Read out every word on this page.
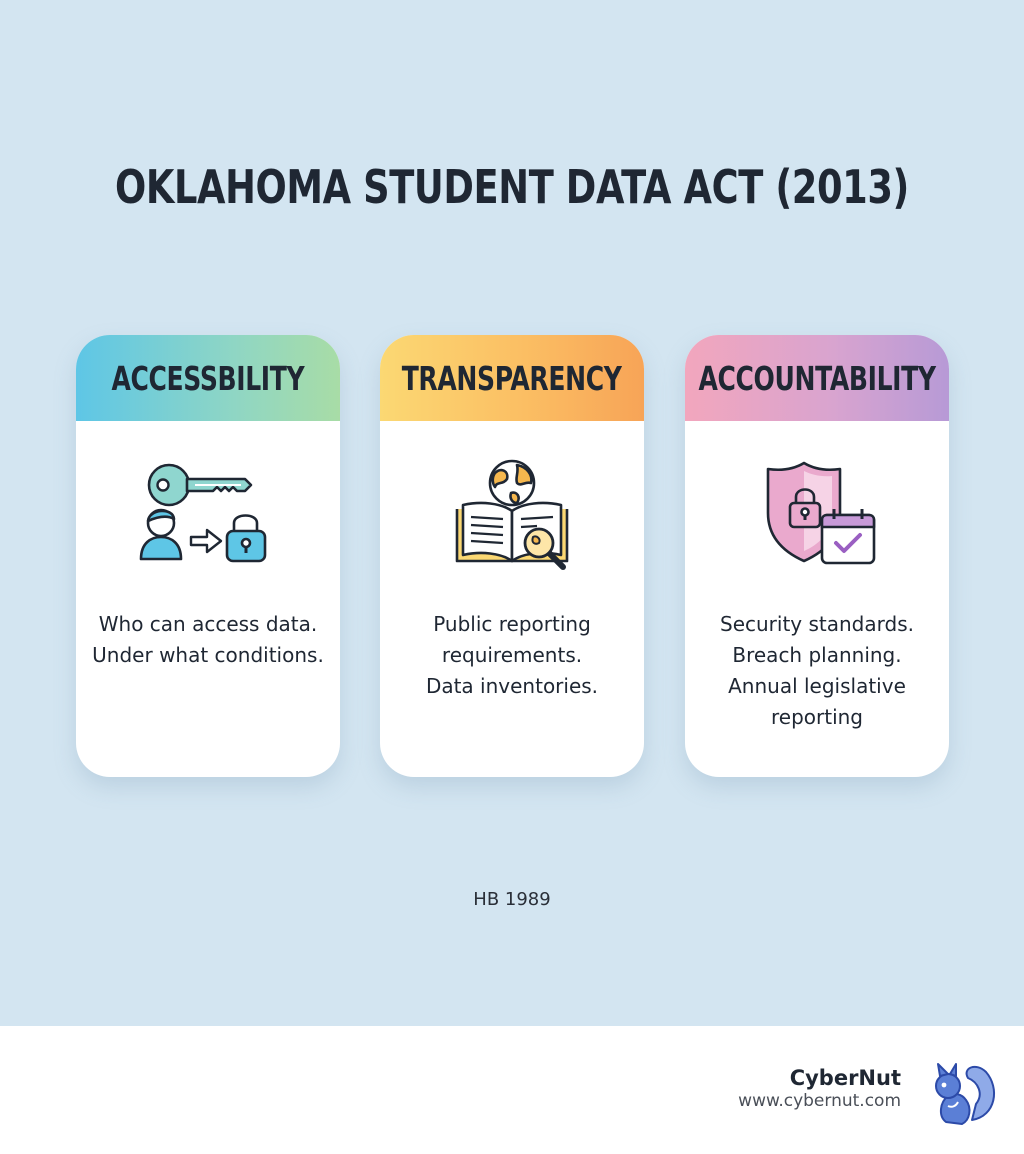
OKLAHOMA STUDENT DATA ACT (2013)
ACCESSBILITY
Who can access data.
Under what conditions.
TRANSPARENCY
Public reporting
requirements.
Data inventories.
ACCOUNTABILITY
Security standards.
Breach planning.
Annual legislative
reporting
HB 1989
CyberNut
www.cybernut.com
